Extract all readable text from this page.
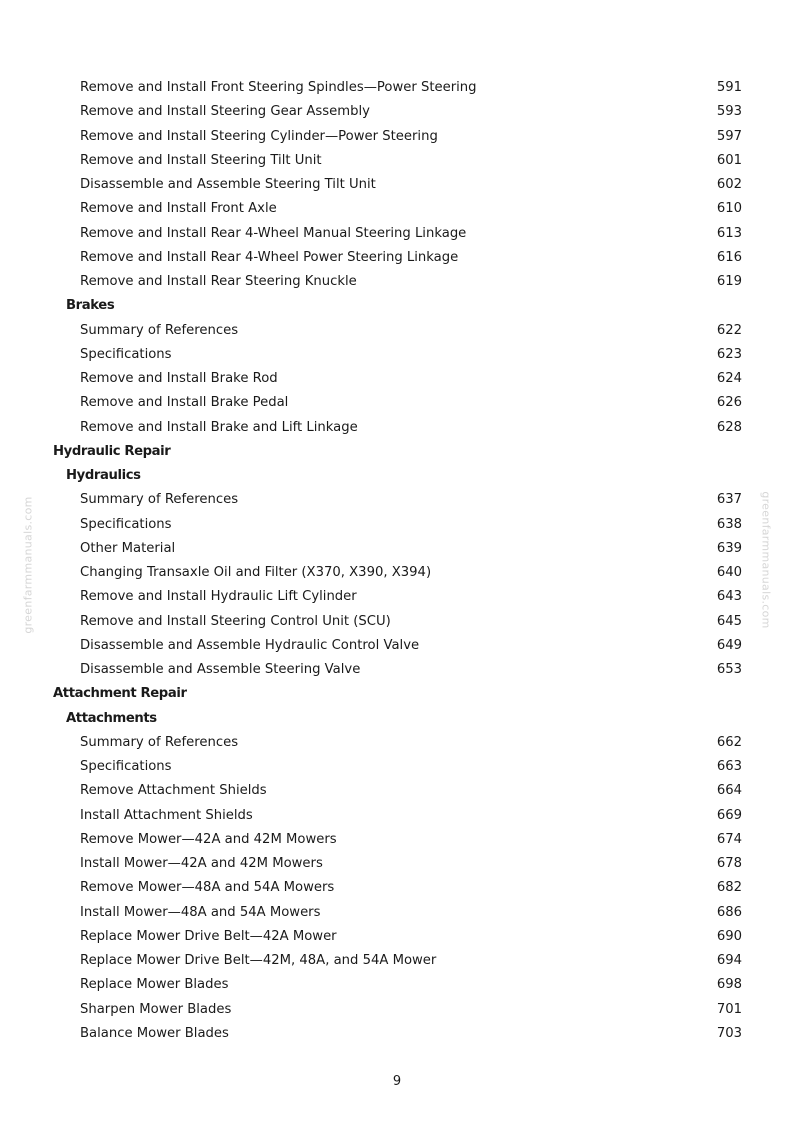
Remove and Install Front Steering Spindles—Power Steering	591
Remove and Install Steering Gear Assembly	593
Remove and Install Steering Cylinder—Power Steering	597
Remove and Install Steering Tilt Unit	601
Disassemble and Assemble Steering Tilt Unit	602
Remove and Install Front Axle	610
Remove and Install Rear 4-Wheel Manual Steering Linkage	613
Remove and Install Rear 4-Wheel Power Steering Linkage	616
Remove and Install Rear Steering Knuckle	619
Brakes
Summary of References	622
Specifications	623
Remove and Install Brake Rod	624
Remove and Install Brake Pedal	626
Remove and Install Brake and Lift Linkage	628
Hydraulic Repair
Hydraulics
Summary of References	637
Specifications	638
Other Material	639
Changing Transaxle Oil and Filter (X370, X390, X394)	640
Remove and Install Hydraulic Lift Cylinder	643
Remove and Install Steering Control Unit (SCU)	645
Disassemble and Assemble Hydraulic Control Valve	649
Disassemble and Assemble Steering Valve	653
Attachment Repair
Attachments
Summary of References	662
Specifications	663
Remove Attachment Shields	664
Install Attachment Shields	669
Remove Mower—42A and 42M Mowers	674
Install Mower—42A and 42M Mowers	678
Remove Mower—48A and 54A Mowers	682
Install Mower—48A and 54A Mowers	686
Replace Mower Drive Belt—42A Mower	690
Replace Mower Drive Belt—42M, 48A, and 54A Mower	694
Replace Mower Blades	698
Sharpen Mower Blades	701
Balance Mower Blades	703
greenfarmmanuals.com	greenfarmmanuals.com
9
